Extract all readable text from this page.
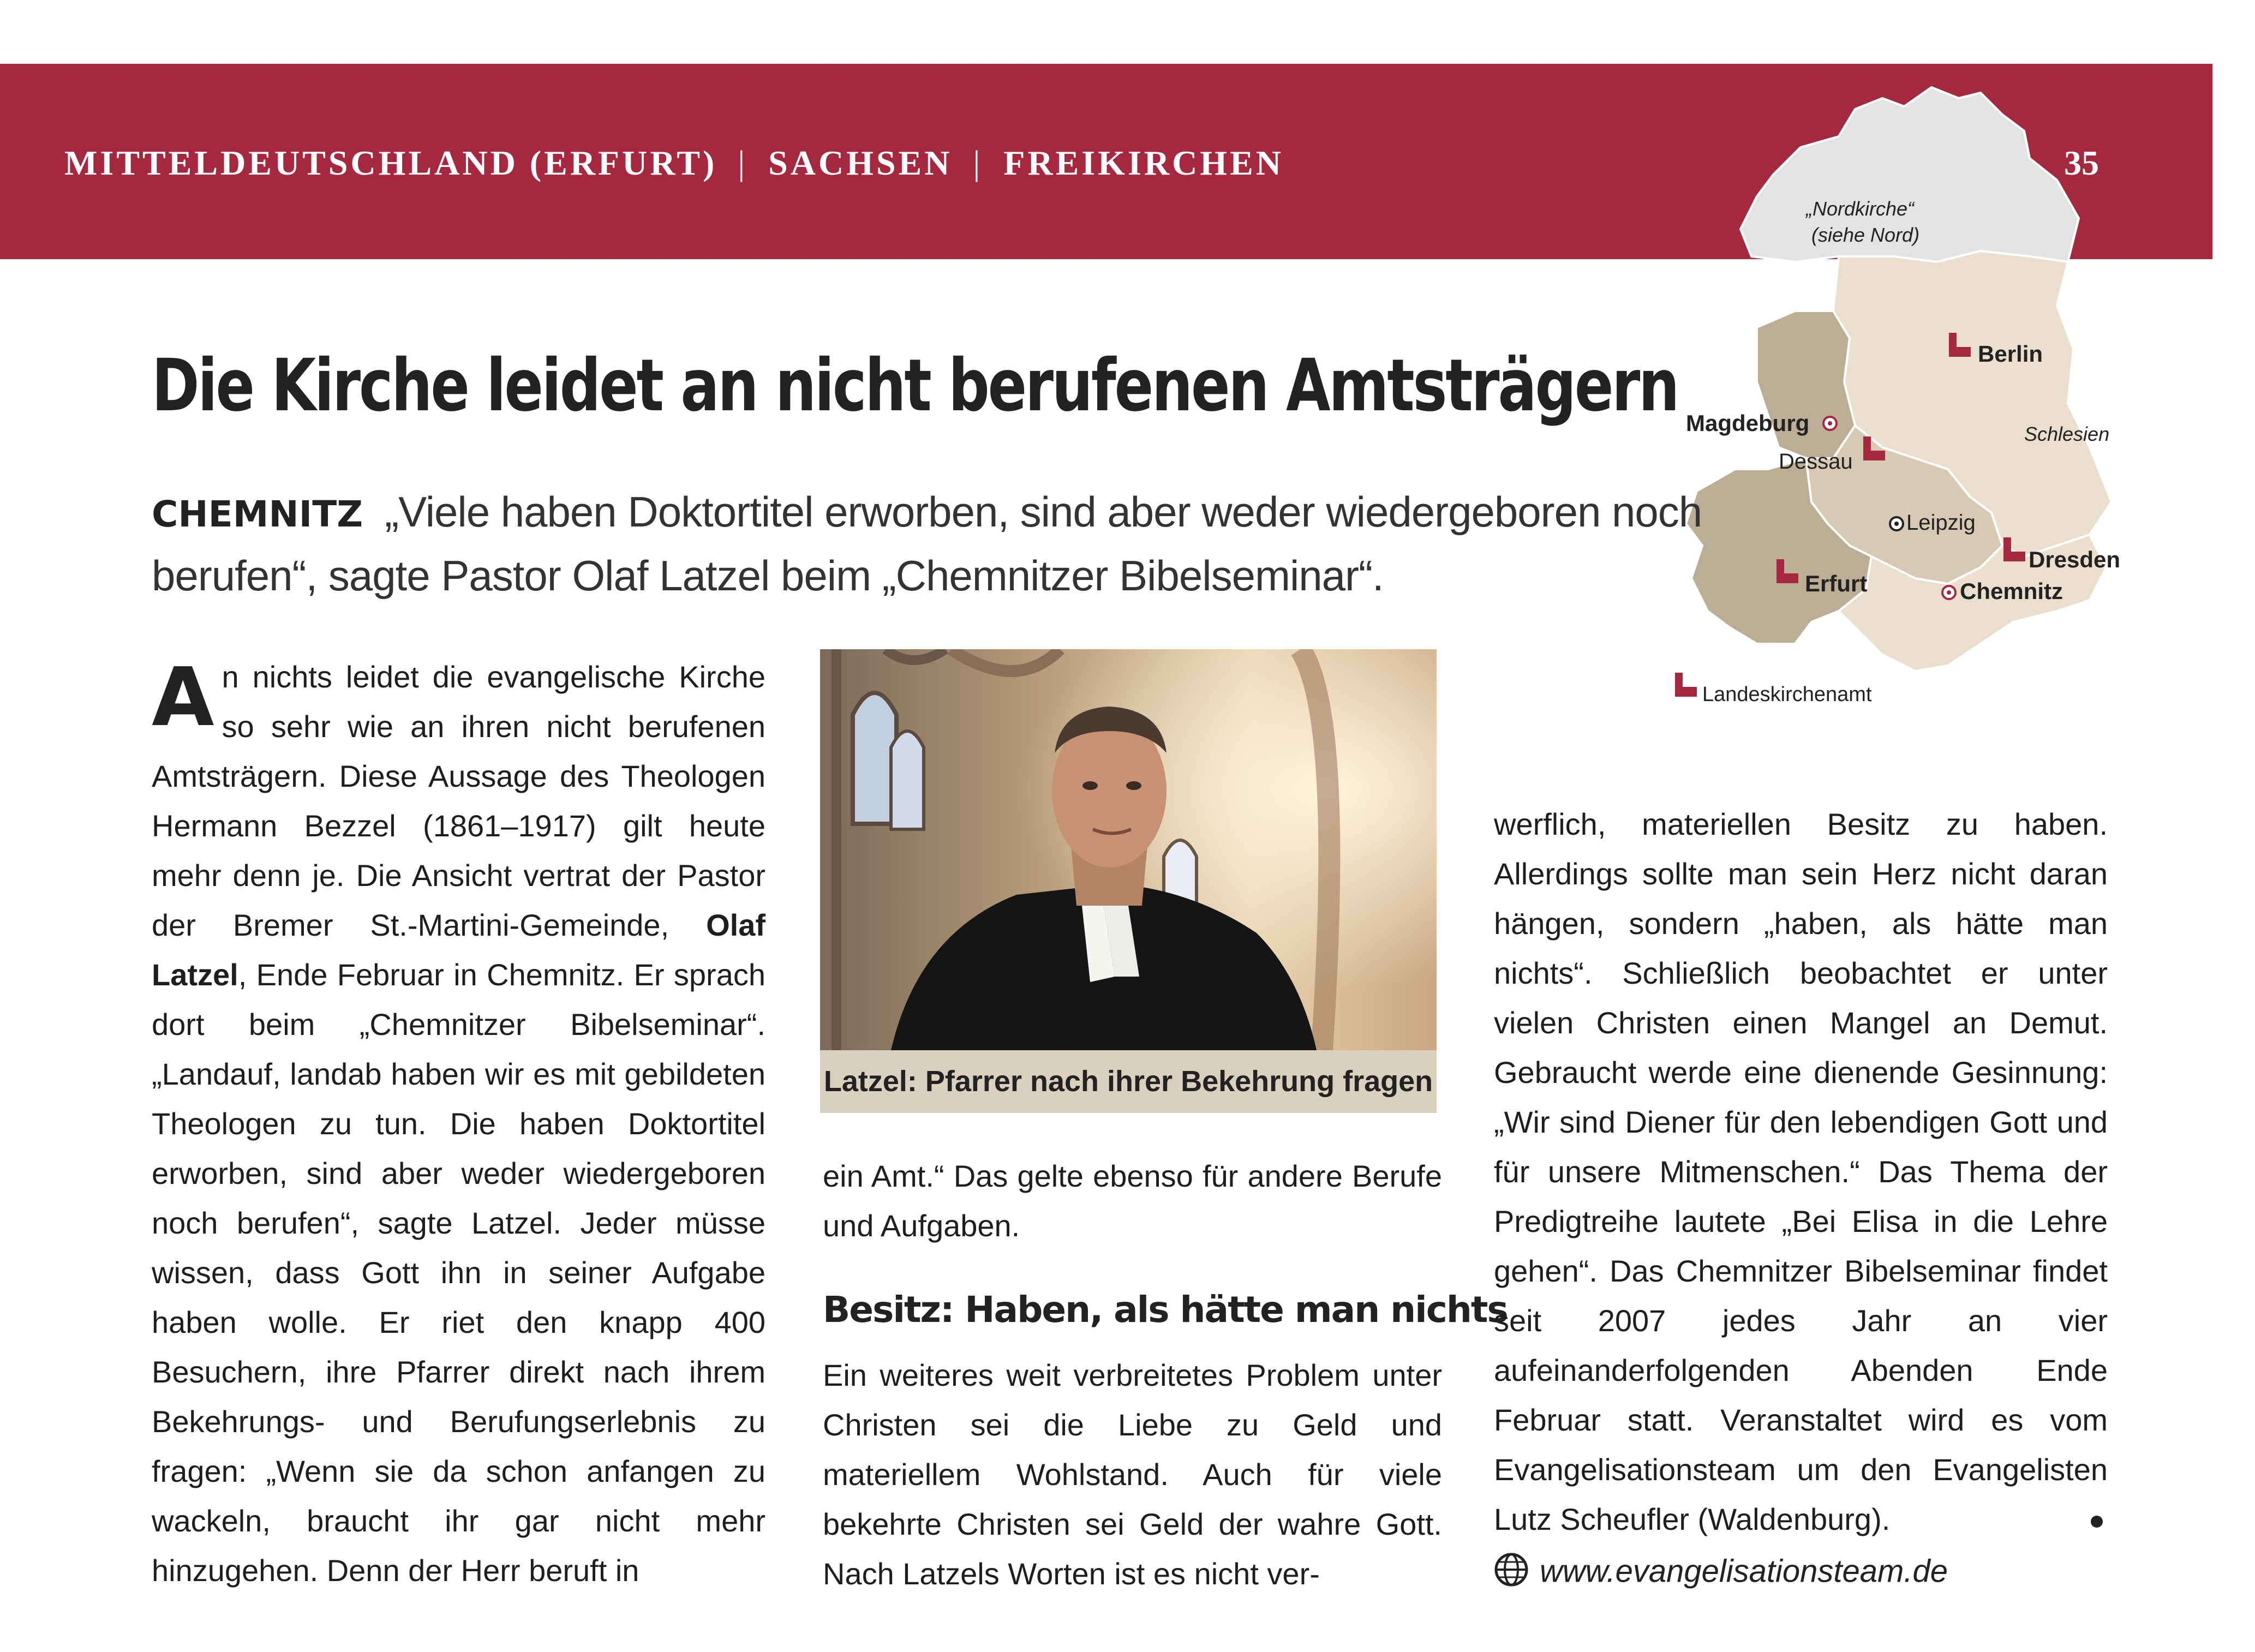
MITTELDEUTSCHLAND (ERFURT) | SACHSEN | FREIKIRCHEN	35
„Nordkirche“
(siehe Nord)
Berlin
Magdeburg	Schlesien
Dessau
Leipzig
Dresden
Erfurt	Chemnitz
Landeskirchenamt
Die Kirche leidet an nicht berufenen Amtsträgern
CHEMNITZ „Viele haben Doktortitel erworben, sind aber weder wiedergeboren noch berufen“, sagte Pastor Olaf Latzel beim „Chemnitzer Bibelseminar“.

An nichts leidet die evangelische Kirche so sehr wie an ihren nicht berufenen Amtsträgern. Diese Aussage des Theologen Hermann Bezzel (1861–1917) gilt heute mehr denn je. Die Ansicht vertrat der Pastor der Bremer St.-Martini-Gemeinde, Olaf Latzel, Ende Februar in Chemnitz. Er sprach dort beim „Chemnitzer Bibelseminar“. „Landauf, landab haben wir es mit gebildeten Theologen zu tun. Die haben Doktortitel erworben, sind aber weder wiedergeboren noch berufen“, sagte Latzel. Jeder müsse wissen, dass Gott ihn in seiner Aufgabe haben wolle. Er riet den knapp 400 Besuchern, ihre Pfarrer direkt nach ihrem Bekehrungs- und Berufungserlebnis zu fragen: „Wenn sie da schon anfangen zu wackeln, braucht ihr gar nicht mehr hinzugehen. Denn der Herr beruft in

Latzel: Pfarrer nach ihrer Bekehrung fragen

ein Amt.“ Das gelte ebenso für andere Berufe und Aufgaben.

Besitz: Haben, als hätte man nichts

Ein weiteres weit verbreitetes Problem unter Christen sei die Liebe zu Geld und materiellem Wohlstand. Auch für viele bekehrte Christen sei Geld der wahre Gott. Nach Latzels Worten ist es nicht ver-

werflich, materiellen Besitz zu haben. Allerdings sollte man sein Herz nicht daran hängen, sondern „haben, als hätte man nichts“. Schließlich beobachtet er unter vielen Christen einen Mangel an Demut. Gebraucht werde eine dienende Gesinnung: „Wir sind Diener für den lebendigen Gott und für unsere Mitmenschen.“ Das Thema der Predigtreihe lautete „Bei Elisa in die Lehre gehen“. Das Chemnitzer Bibelseminar findet seit 2007 jedes Jahr an vier aufeinanderfolgenden Abenden Ende Februar statt. Veranstaltet wird es vom Evangelisationsteam um den Evangelisten Lutz Scheufler (Waldenburg).

www.evangelisationsteam.de
